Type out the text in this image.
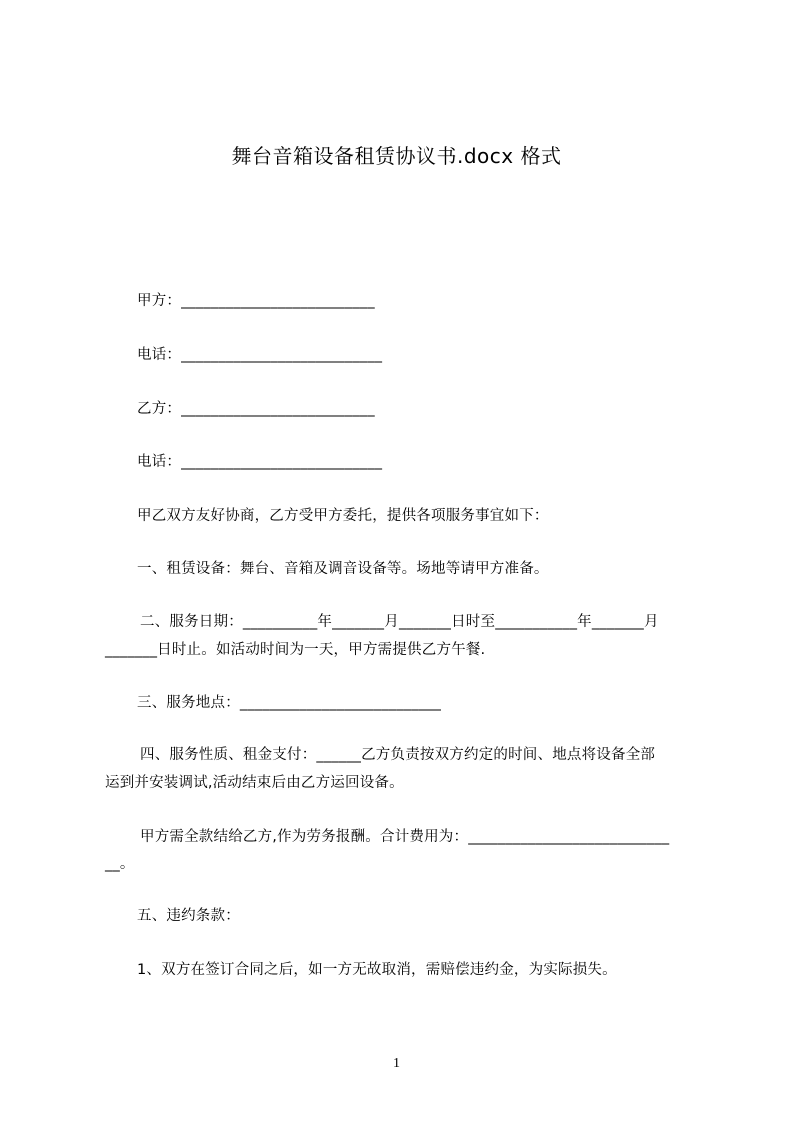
舞台音箱设备租赁协议书.docx 格式
甲方：__________________________
电话：___________________________
乙方：__________________________
电话：___________________________
甲乙双方友好协商，乙方受甲方委托，提供各项服务事宜如下：
一、租赁设备：舞台、音箱及调音设备等。场地等请甲方准备。
二、服务日期：__________年_______月_______日时至___________年_______月
_______日时止。如活动时间为一天，甲方需提供乙方午餐.
三、服务地点：___________________________
四、服务性质、租金支付：______乙方负责按双方约定的时间、地点将设备全部
运到并安装调试,活动结束后由乙方运回设备。
甲方需全款结给乙方,作为劳务报酬。合计费用为：___________________________
__。
五、违约条款：
1、双方在签订合同之后，如一方无故取消，需赔偿违约金，为实际损失。
1
